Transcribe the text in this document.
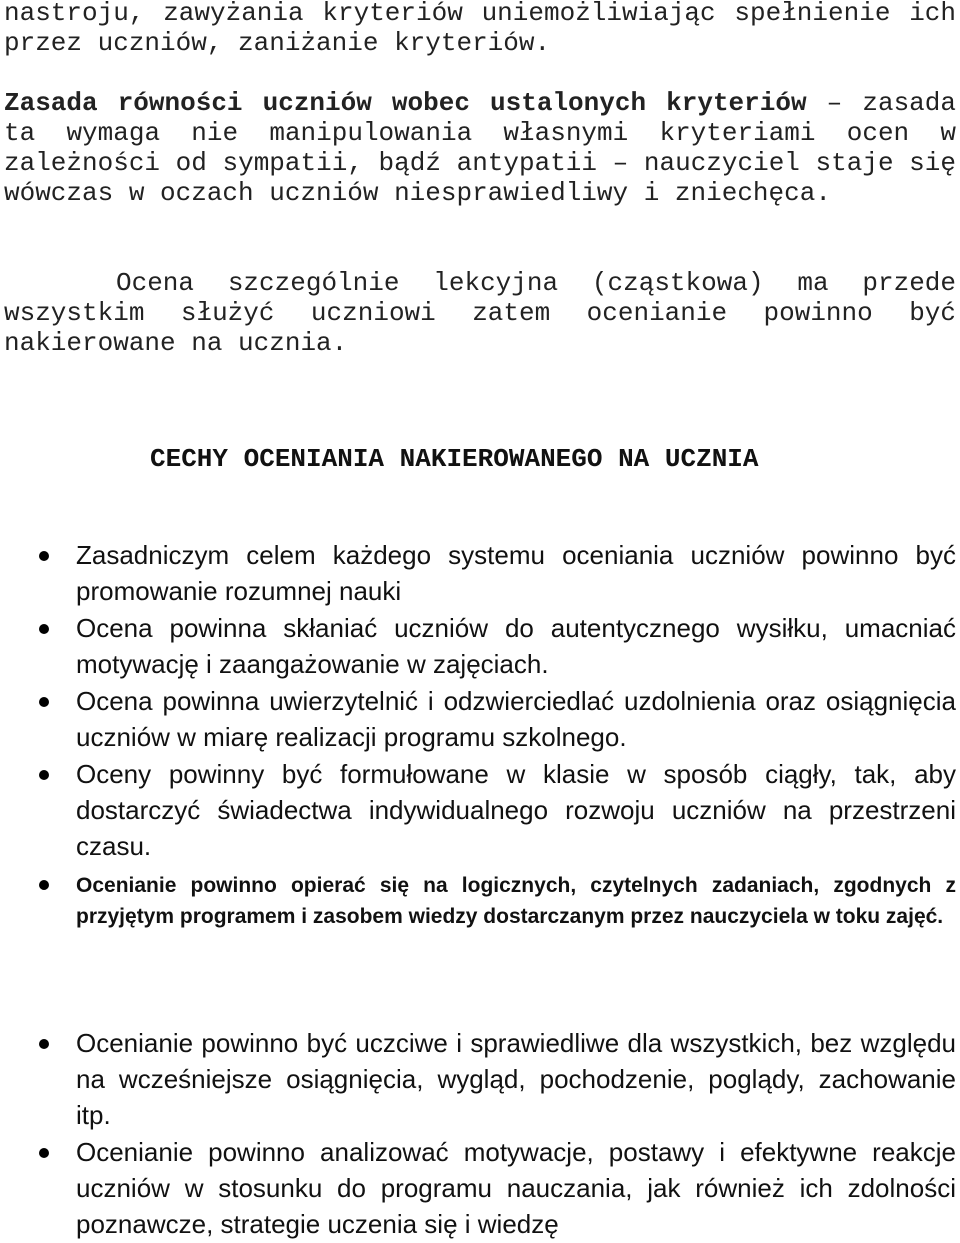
nastroju, zawyżania kryteriów uniemożliwiając spełnienie ich przez uczniów, zaniżanie kryteriów.

Zasada równości uczniów wobec ustalonych kryteriów – zasada ta wymaga nie manipulowania własnymi kryteriami ocen w zależności od sympatii, bądź antypatii – nauczyciel staje się wówczas w oczach uczniów niesprawiedliwy i zniechęca.

Ocena szczególnie lekcyjna (cząstkowa) ma przede wszystkim służyć uczniowi zatem ocenianie powinno być nakierowane na ucznia.

CECHY OCENIANIA NAKIEROWANEGO NA UCZNIA
Zasadniczym celem każdego systemu oceniania uczniów powinno być promowanie rozumnej nauki
Ocena powinna skłaniać uczniów do autentycznego wysiłku, umacniać motywację i zaangażowanie w zajęciach.
Ocena powinna uwierzytelnić i odzwierciedlać uzdolnienia oraz osiągnięcia uczniów w miarę realizacji programu szkolnego.
Oceny powinny być formułowane w klasie w sposób ciągły, tak, aby dostarczyć świadectwa indywidualnego rozwoju uczniów na przestrzeni czasu.
Ocenianie powinno opierać się na logicznych, czytelnych zadaniach, zgodnych z przyjętym programem i zasobem wiedzy dostarczanym przez nauczyciela w toku zajęć.
Ocenianie powinno być uczciwe i sprawiedliwe dla wszystkich, bez względu na wcześniejsze osiągnięcia, wygląd, pochodzenie, poglądy, zachowanie itp.
Ocenianie powinno analizować motywacje, postawy i efektywne reakcje uczniów w stosunku do programu nauczania, jak również ich zdolności poznawcze, strategie uczenia się i wiedzę
